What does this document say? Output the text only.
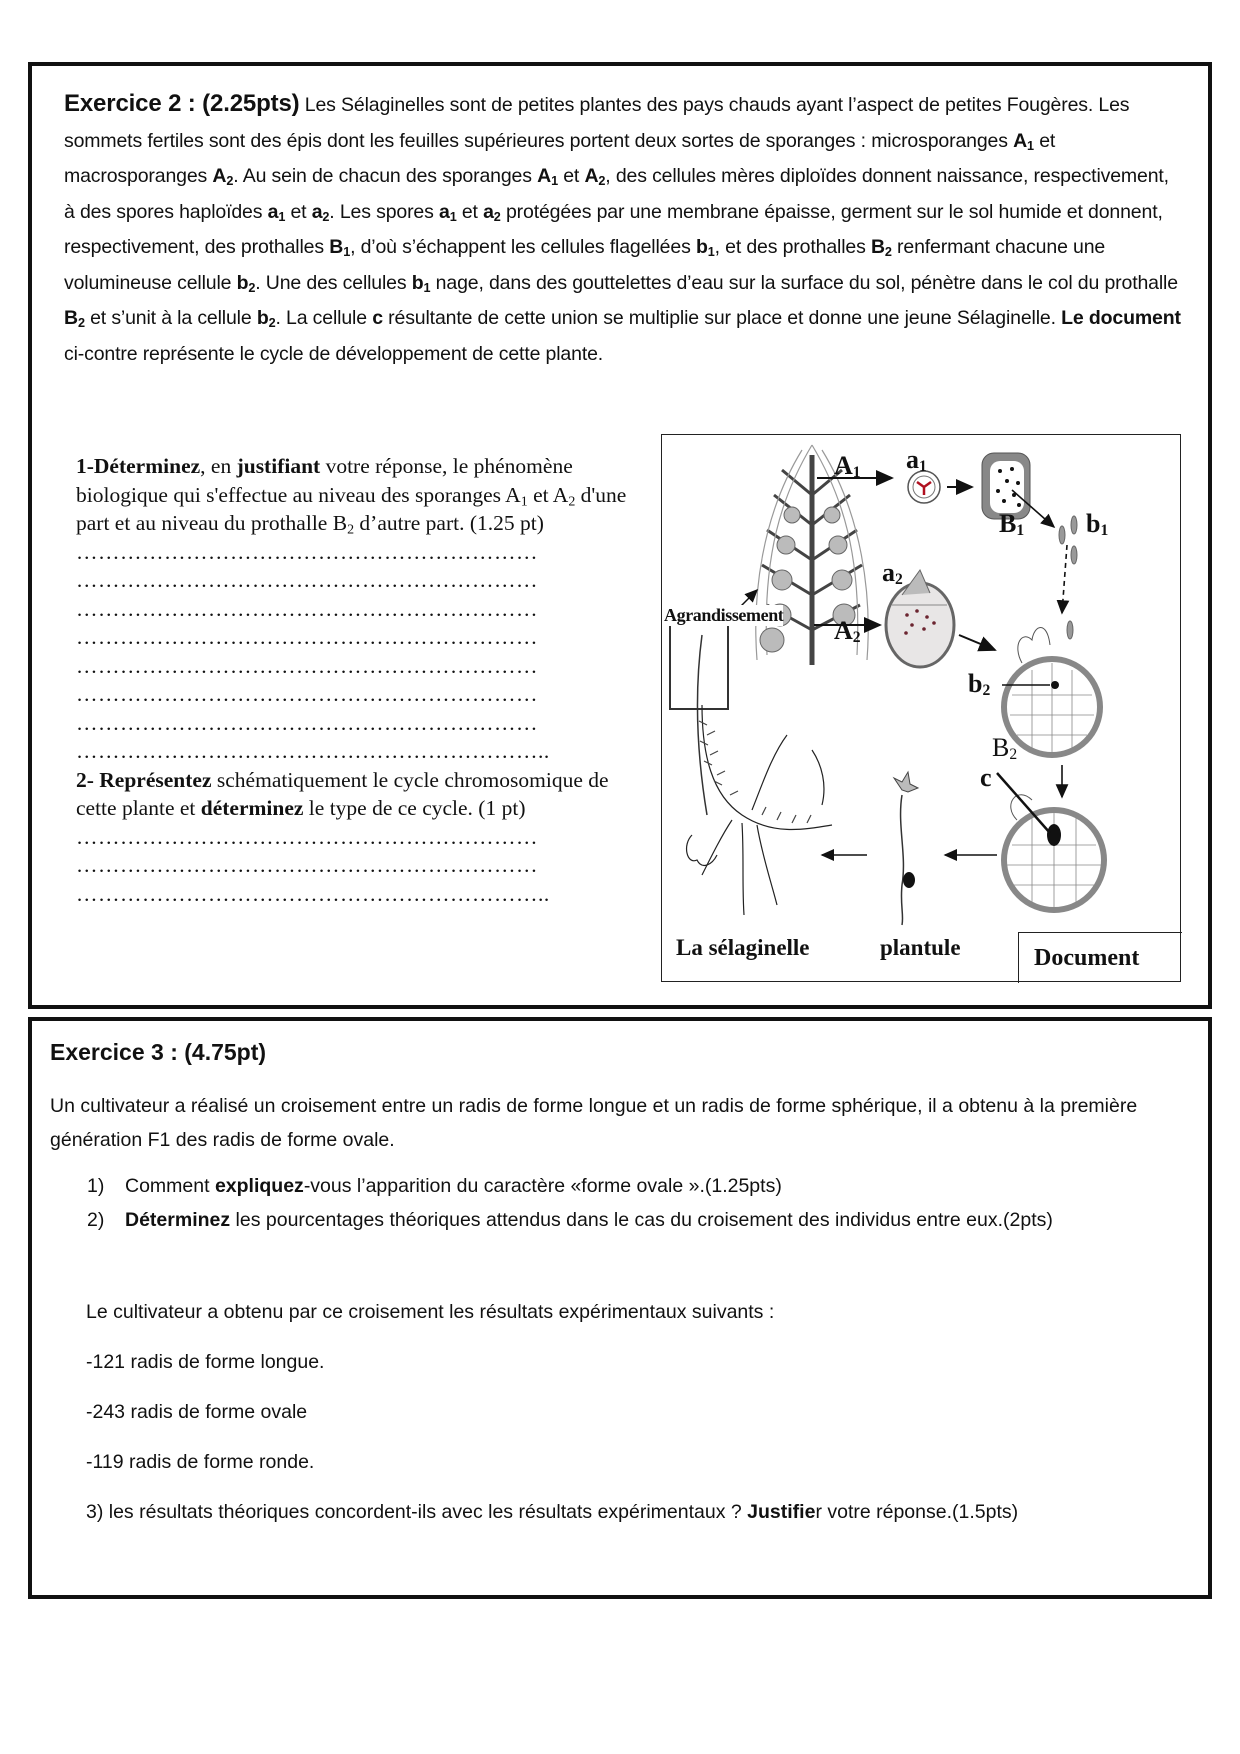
Exercice 2 : (2.25pts) Les Sélaginelles sont de petites plantes des pays chauds ayant l’aspect de petites Fougères. Les sommets fertiles sont des épis dont les feuilles supérieures portent deux sortes de sporanges : microsporanges $A_1$ et macrosporanges $A_2$. Au sein de chacun des sporanges $A_1$ et $A_2$, des cellules mères diploïdes donnent naissance, respectivement, à des spores haploïdes $a_1$ et $a_2$. Les spores $a_1$ et $a_2$ protégées par une membrane épaisse, germent sur le sol humide et donnent, respectivement, des prothalles $B_1$, d’où s’échappent les cellules flagellées $b_1$, et des prothalles $B_2$ renfermant chacune une volumineuse cellule $b_2$. Une des cellules $b_1$ nage, dans des gouttelettes d’eau sur la surface du sol, pénètre dans le col du prothalle $B_2$ et s’unit à la cellule $b_2$. La cellule c résultante de cette union se multiplie sur place et donne une jeune Sélaginelle. Le document ci-contre représente le cycle de développement de cette plante.

1-Déterminez, en justifiant votre réponse, le phénomène biologique qui s'effectue au niveau des sporanges $A_1$ et $A_2$ d'une part et au niveau du prothalle $B_2$ d’autre part. (1.25 pt)

………………………………………………………
………………………………………………………
………………………………………………………
………………………………………………………
………………………………………………………
………………………………………………………
………………………………………………………
………………………………………………………..

2- Représentez schématiquement le cycle chromosomique de cette plante et déterminez le type de ce cycle. (1 pt)

………………………………………………………
………………………………………………………
………………………………………………………..
Agrandissement
$A_1$
$A_2$
$a_1$
$a_2$
$B_1$ $b_1$
$b_2$
$B_2$
c
La sélaginelle	plantule	Document
Exercice 3 : (4.75pt)

Un cultivateur a réalisé un croisement entre un radis de forme longue et un radis de forme sphérique, il a obtenu à la première génération F1 des radis de forme ovale.

1) Comment expliquez-vous l’apparition du caractère «forme ovale ».(1.25pts)
2) Déterminez les pourcentages théoriques attendus dans le cas du croisement des individus entre eux.(2pts)

Le cultivateur a obtenu par ce croisement les résultats expérimentaux suivants :

-121 radis de forme longue.

-243 radis de forme ovale

-119 radis de forme ronde.

3) les résultats théoriques concordent-ils avec les résultats expérimentaux ? Justifier votre réponse.(1.5pts)
